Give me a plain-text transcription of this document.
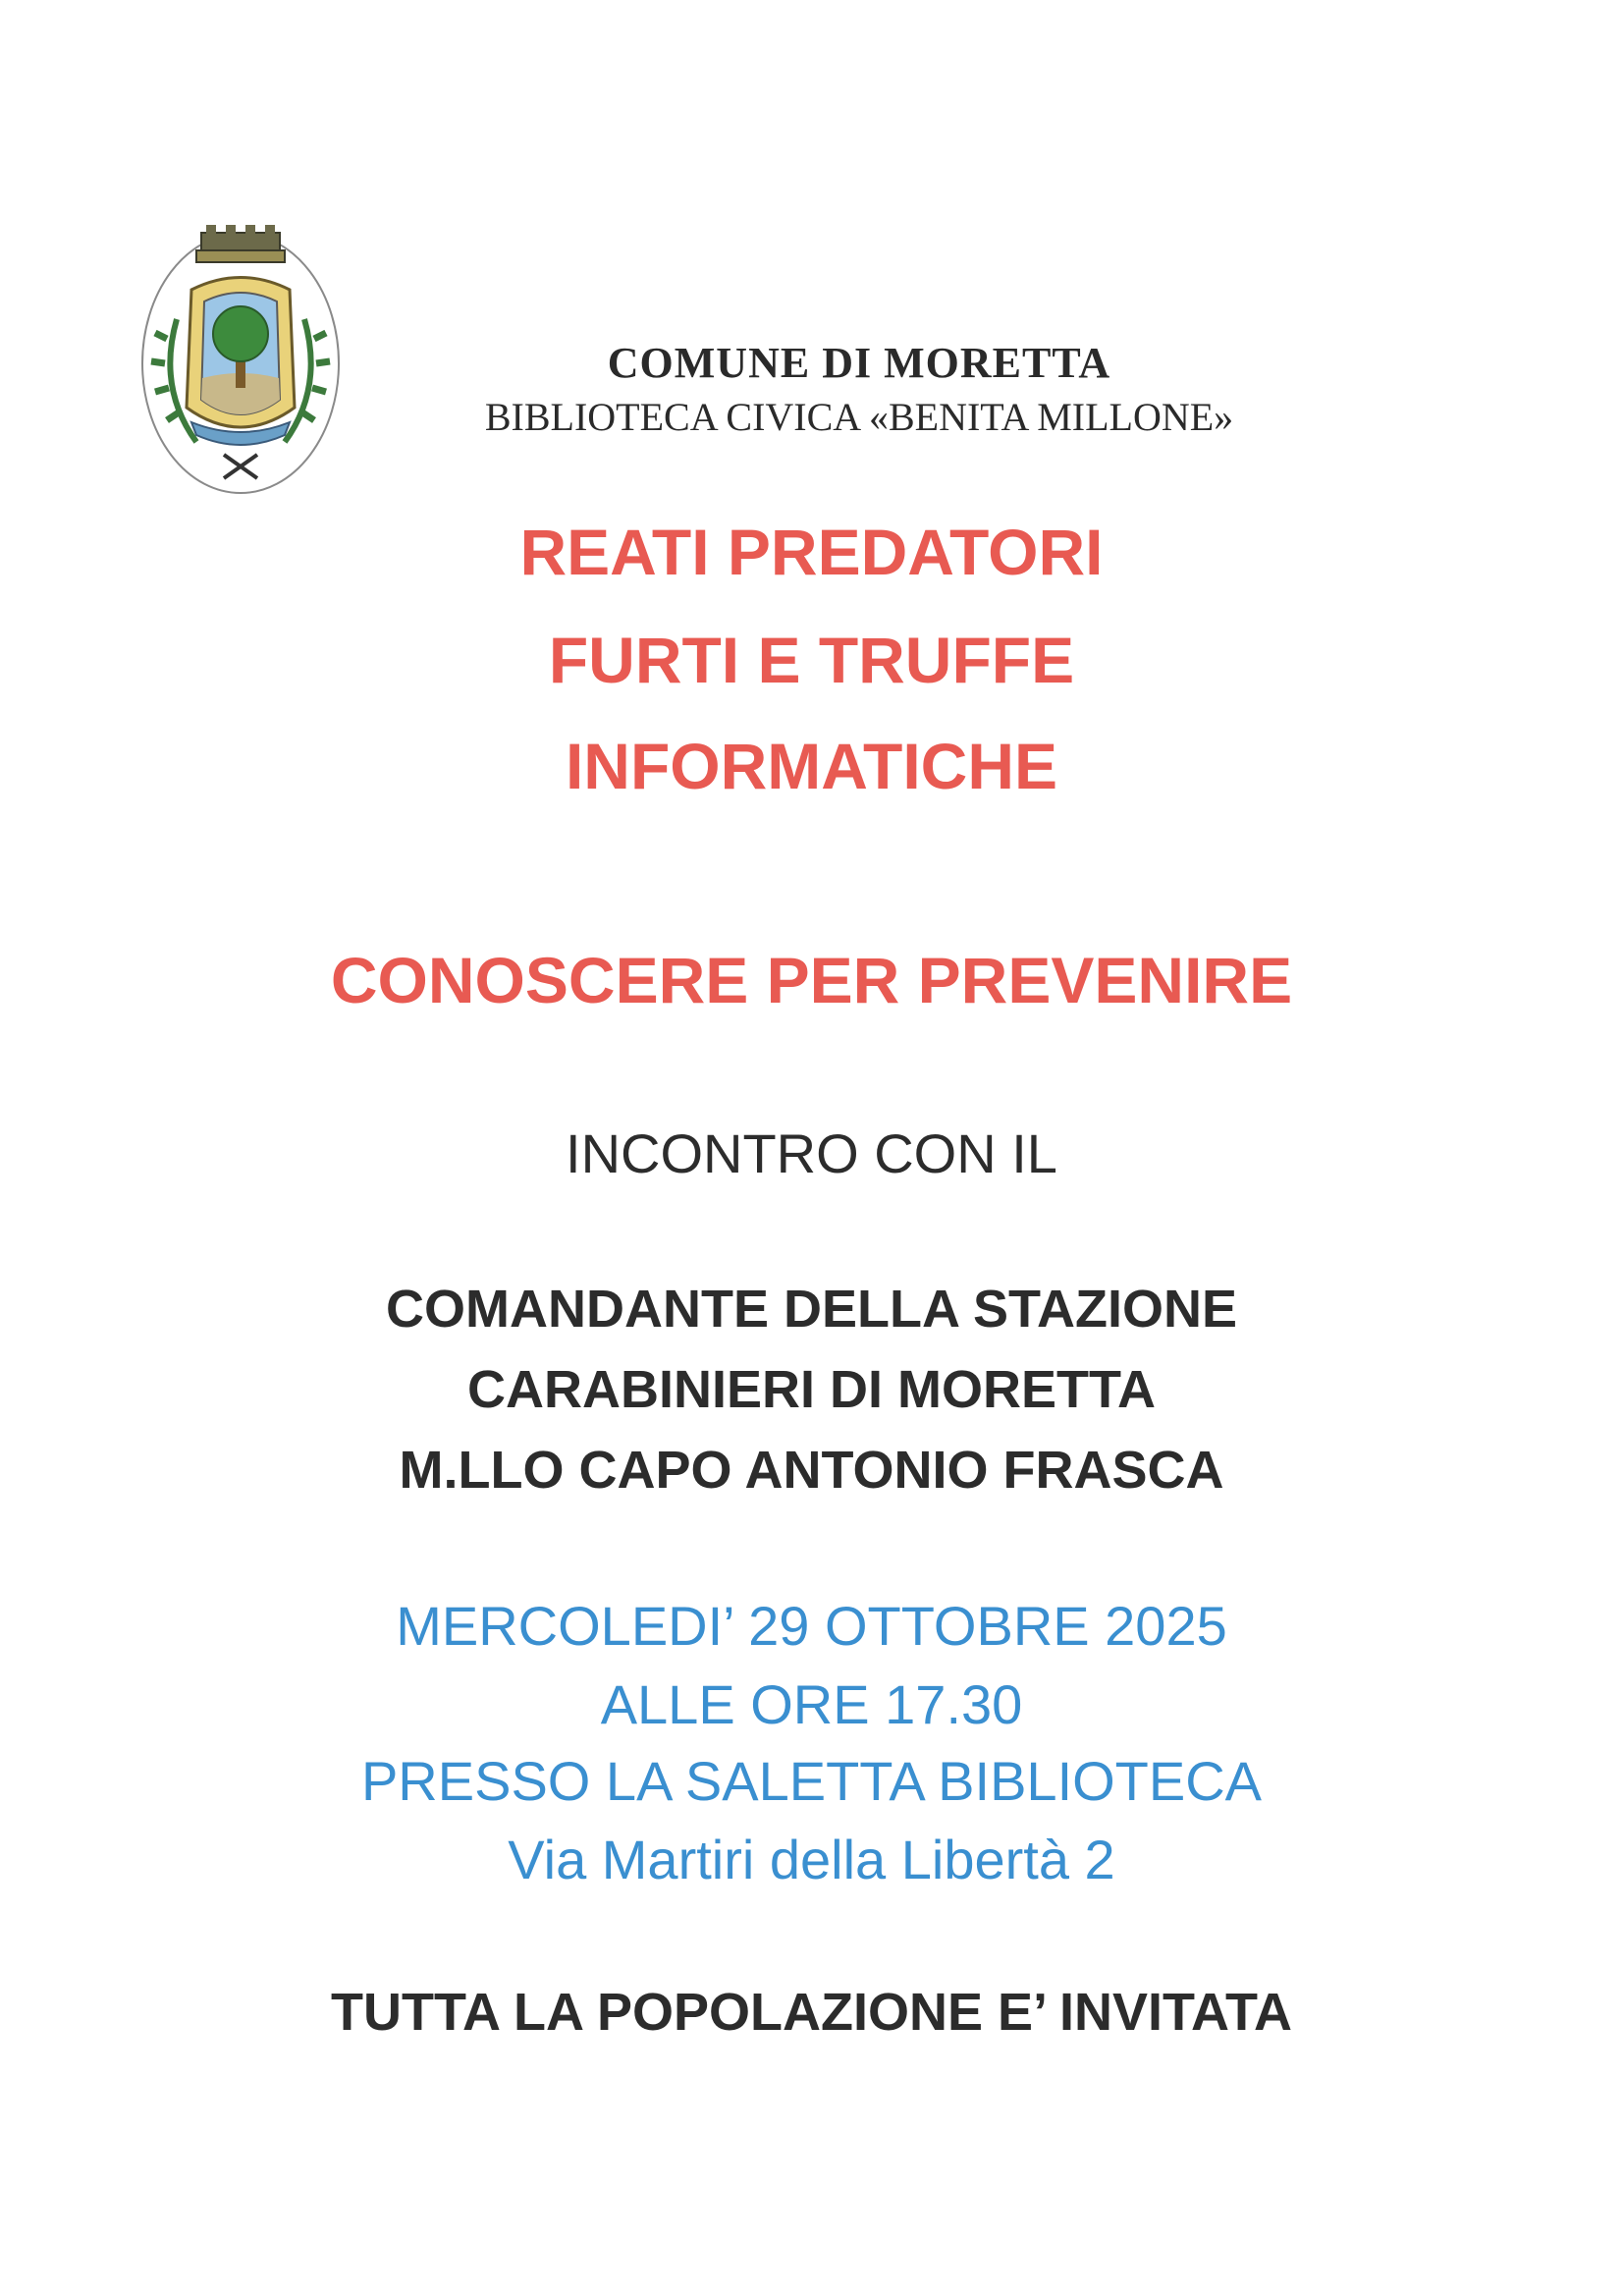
COMUNE DI MORETTA

BIBLIOTECA CIVICA «BENITA MILLONE»

REATI PREDATORI

FURTI E TRUFFE

INFORMATICHE

CONOSCERE PER PREVENIRE

INCONTRO CON IL

COMANDANTE DELLA STAZIONE

CARABINIERI DI MORETTA

M.LLO CAPO ANTONIO FRASCA

MERCOLEDI’ 29 OTTOBRE 2025

ALLE ORE 17.30

PRESSO LA SALETTA BIBLIOTECA

Via Martiri della Libertà 2

TUTTA LA POPOLAZIONE E’ INVITATA
